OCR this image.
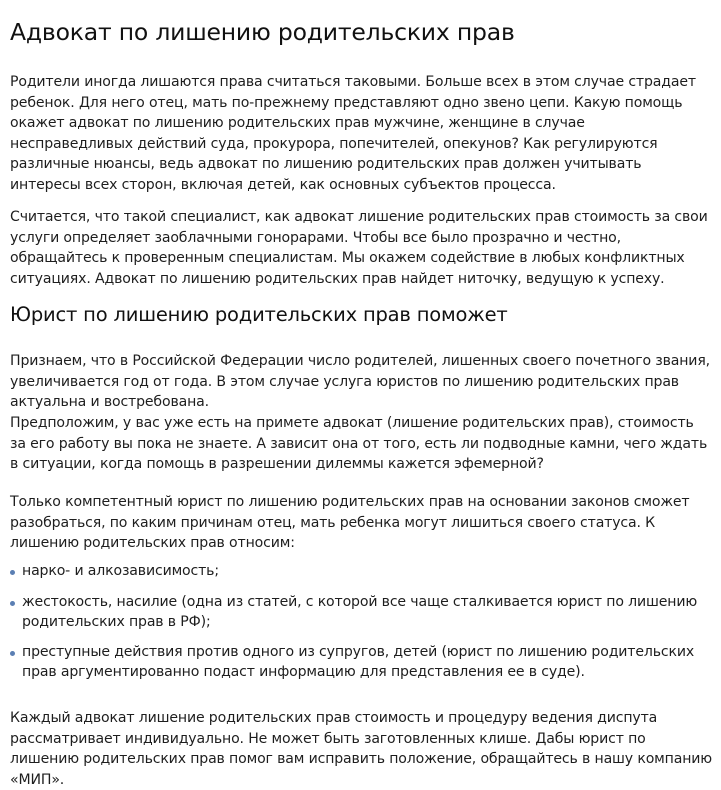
Адвокат по лишению родительских прав

Родители иногда лишаются права считаться таковыми. Больше всех в этом случае страдает ребенок. Для него отец, мать по-прежнему представляют одно звено цепи. Какую помощь окажет адвокат по лишению родительских прав мужчине, женщине в случае несправедливых действий суда, прокурора, попечителей, опекунов? Как регулируются различные нюансы, ведь адвокат по лишению родительских прав должен учитывать интересы всех сторон, включая детей, как основных субъектов процесса.

Считается, что такой специалист, как адвокат лишение родительских прав стоимость за свои услуги определяет заоблачными гонорарами. Чтобы все было прозрачно и честно, обращайтесь к проверенным специалистам. Мы окажем содействие в любых конфликтных ситуациях. Адвокат по лишению родительских прав найдет ниточку, ведущую к успеху.

Юрист по лишению родительских прав поможет

Признаем, что в Российской Федерации число родителей, лишенных своего почетного звания, увеличивается год от года. В этом случае услуга юристов по лишению родительских прав актуальна и востребована.

Предположим, у вас уже есть на примете адвокат (лишение родительских прав), стоимость за его работу вы пока не знаете. А зависит она от того, есть ли подводные камни, чего ждать в ситуации, когда помощь в разрешении дилеммы кажется эфемерной?

Только компетентный юрист по лишению родительских прав на основании законов сможет разобраться, по каким причинам отец, мать ребенка могут лишиться своего статуса. К лишению родительских прав относим:

нарко- и алкозависимость;
жестокость, насилие (одна из статей, с которой все чаще сталкивается юрист по лишению родительских прав в РФ);
преступные действия против одного из супругов, детей (юрист по лишению родительских прав аргументированно подаст информацию для представления ее в суде).

Каждый адвокат лишение родительских прав стоимость и процедуру ведения диспута рассматривает индивидуально. Не может быть заготовленных клише. Дабы юрист по лишению родительских прав помог вам исправить положение, обращайтесь в нашу компанию «МИП».
